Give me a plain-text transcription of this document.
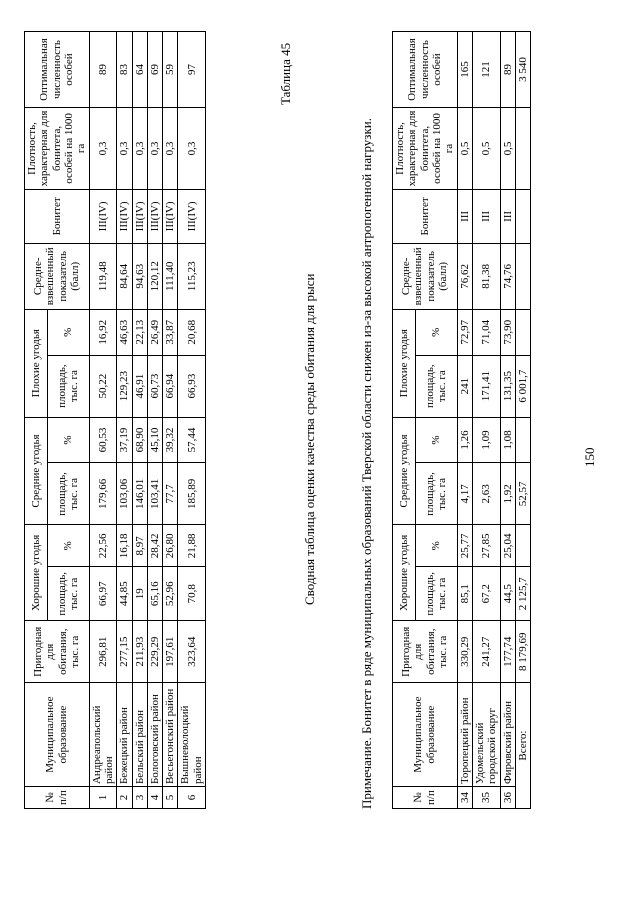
150
№ п/п	Муниципальное образование	Пригодная для обитания, тыс. га	Хорошие угодья		Средние угодья		Плохие угодья		Средне-взвешенный показатель (балл)	Бонитет	Плотность, характерная для бонитета, особей на 1000 га	Оптимальная численность особей
			площадь, тыс. га	%	площадь, тыс. га	%	площадь, тыс. га	%				
1	Андреапольский район	296,81	66,97	22,56	179,66	60,53	50,22	16,92	119,48	III(IV)	0,3	89
2	Бежецкий район	277,15	44,85	16,18	103,06	37,19	129,23	46,63	84,64	III(IV)	0,3	83
3	Бельский район	211,93	19	8,97	146,01	68,90	46,91	22,13	94,63	III(IV)	0,3	64
4	Бологовский район	229,29	65,16	28,42	103,41	45,10	60,73	26,49	120,12	III(IV)	0,3	69
5	Весьегонский район	197,61	52,96	26,80	77,7	39,32	66,94	33,87	111,40	III(IV)	0,3	59
6	Вышневолоцкий район	323,64	70,8	21,88	185,89	57,44	66,93	20,68	115,23	III(IV)	0,3	97	Таблица 45
Сводная таблица оценки качества среды обитания для рыси	Примечание. Бонитет в ряде муниципальных образований Тверской области снижен из-за высокой антропогенной нагрузки.	№ п/п	Муниципальное образование	Пригодная для обитания, тыс. га	Хорошие угодья		Средние угодья		Плохие угодья		Средне-взвешенный показатель (балл)	Бонитет	Плотность, характерная для бонитета, особей на 1000 га	Оптимальная численность особей
			площадь, тыс. га	%	площадь, тыс. га	%	площадь, тыс. га	%				
34	Торопецкий район	330,29	85,1	25,77	4,17	1,26	241	72,97	76,62	III	0,5	165
35	Удомельский городской округ	241,27	67,2	27,85	2,63	1,09	171,41	71,04	81,38	III	0,5	121
36	Фировский район	177,74	44,5	25,04	1,92	1,08	131,35	73,90	74,76	III	0,5	89
Всего:		8 179,69	2 125,7		52,57		6 001,7					3 540
